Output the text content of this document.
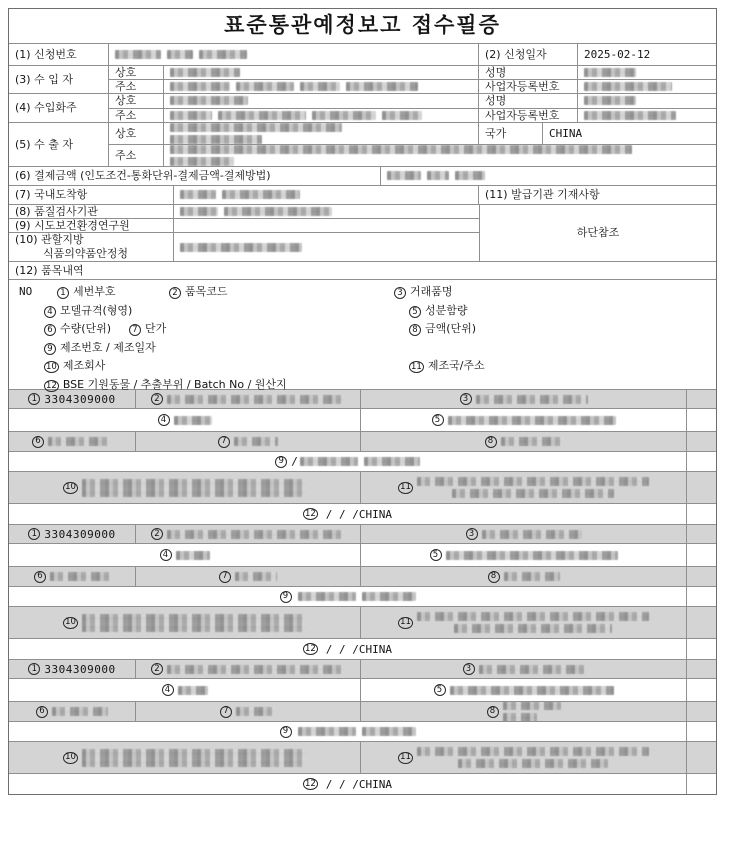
표준통관예정보고 접수필증
(1) 신청번호	(2) 신청일자	2025-02-12
(3) 수 입 자
상호	성명
주소	사업자등록번호
(4) 수입화주
상호	성명
주소	사업자등록번호
(5) 수 출 자
상호	국가	CHINA
주소
(6) 결제금액 (인도조건-통화단위-결제금액-결제방법)
(7) 국내도착항	(11) 발급기관 기재사항
(8) 품질검사기관
(9) 시도보건환경연구원
(10) 관할지방
식품의약품안정청
하단참조
(12) 품목내역
NO	1 세번부호	2 품목코드	3 거래품명
4 모델규격(형영)	5 성분함량
6 수량(단위)	7 단가	8 금액(단위)
9 제조번호 / 제조일자
10 제조회사	11 제조국/주소
12 BSE 기원동물 / 추출부위 / Batch No / 원산지
1 3304309000	2	3
4	5
6	7	8
9 /
10	11
12 / / /CHINA
1 3304309000	2	3
4	5
6	7	8
9
10	11
12 / / /CHINA
1 3304309000	2	3
4	5
6	7	8
9
10	11
12 / / /CHINA
